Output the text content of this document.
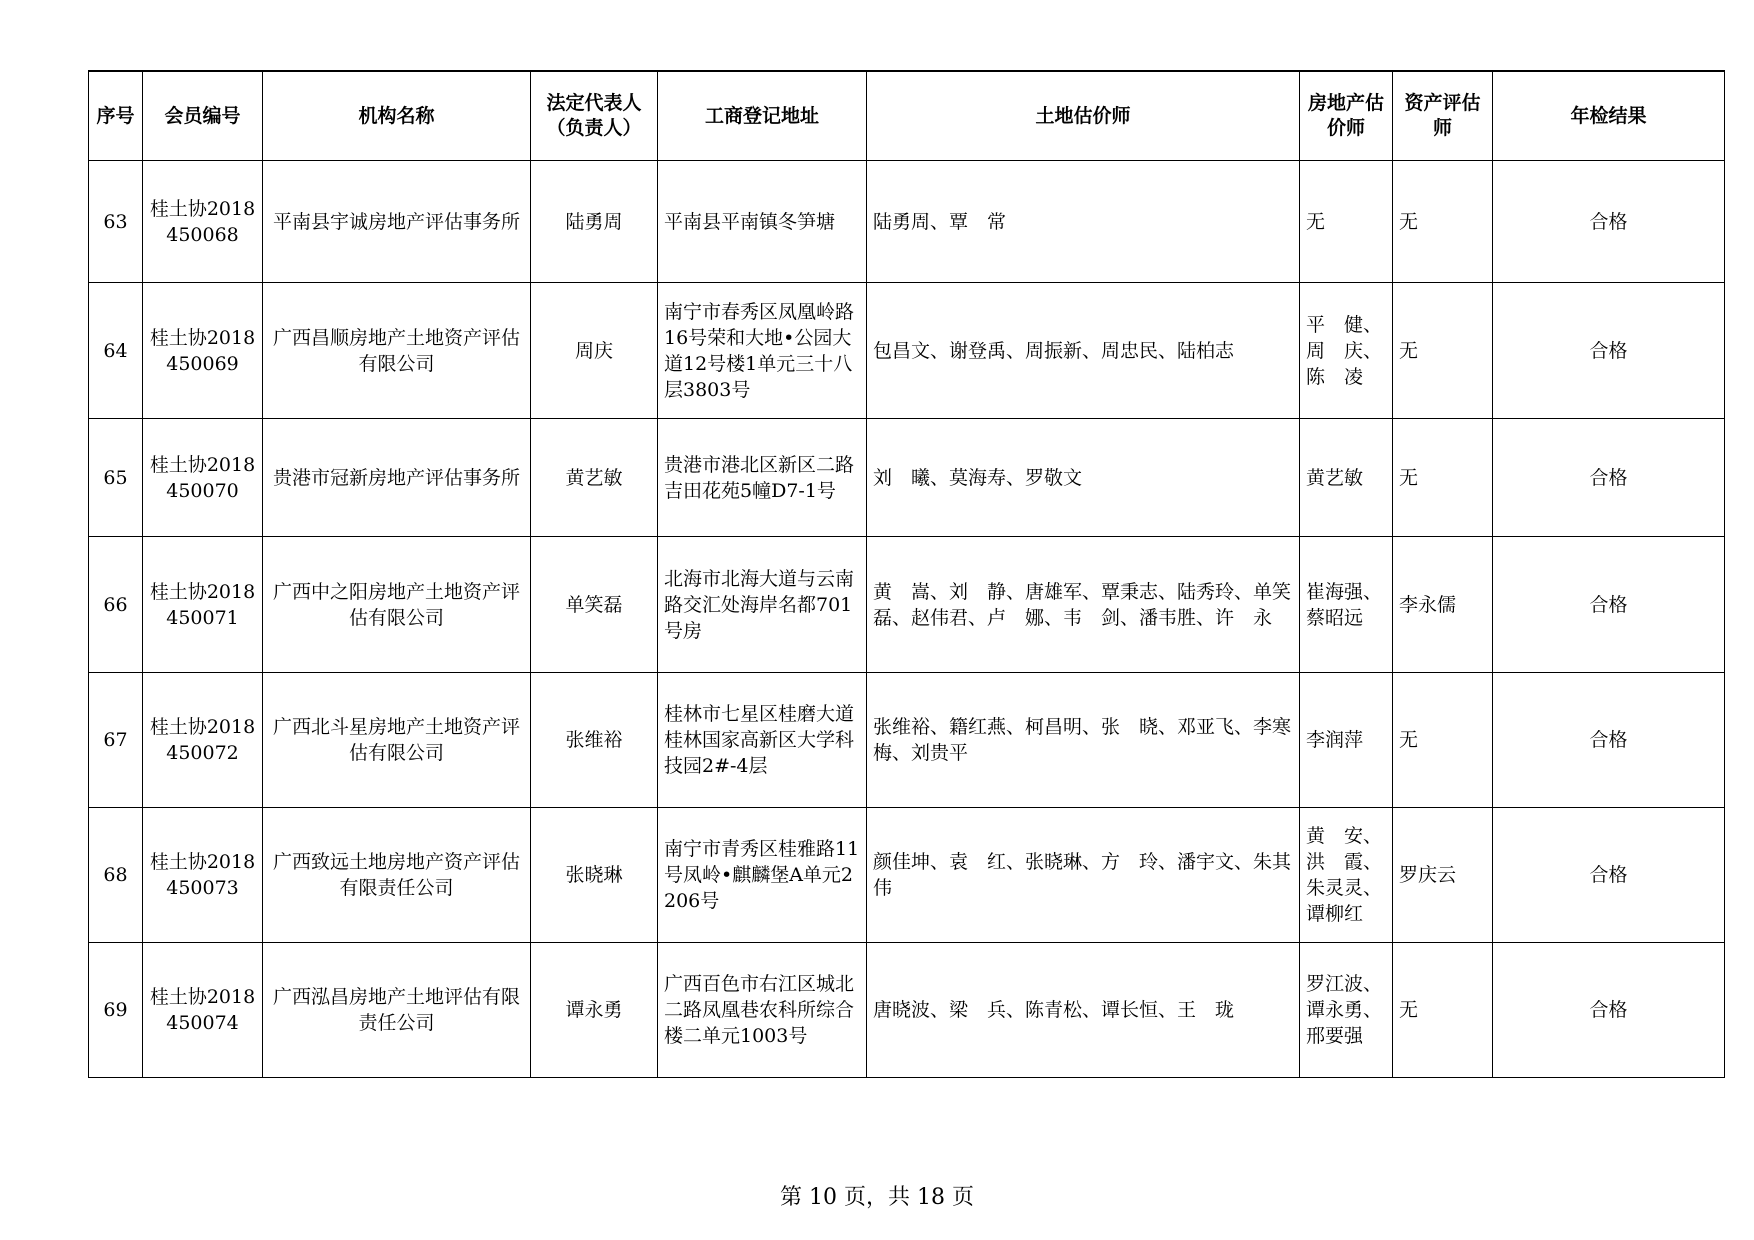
序号	会员编号	机构名称	法定代表人（负责人）	工商登记地址	土地估价师	房地产估价师	资产评估师	年检结果
63	桂土协2018450068	平南县宇诚房地产评估事务所	陆勇周	平南县平南镇冬笋塘	陆勇周、覃　常	无	无	合格
64	桂土协2018450069	广西昌顺房地产土地资产评估有限公司	周庆	南宁市春秀区凤凰岭路16号荣和大地•公园大道12号楼1单元三十八层3803号	包昌文、谢登禹、周振新、周忠民、陆柏志	平　健、周　庆、陈　凌	无	合格
65	桂土协2018450070	贵港市冠新房地产评估事务所	黄艺敏	贵港市港北区新区二路吉田花苑5幢D7-1号	刘　曦、莫海寿、罗敬文	黄艺敏	无	合格
66	桂土协2018450071	广西中之阳房地产土地资产评估有限公司	单笑磊	北海市北海大道与云南路交汇处海岸名都701号房	黄　嵩、刘　静、唐雄军、覃秉志、陆秀玲、单笑磊、赵伟君、卢　娜、韦　剑、潘韦胜、许　永	崔海强、蔡昭远	李永儒	合格
67	桂土协2018450072	广西北斗星房地产土地资产评估有限公司	张维裕	桂林市七星区桂磨大道桂林国家高新区大学科技园2#-4层	张维裕、籍红燕、柯昌明、张　晓、邓亚飞、李寒梅、刘贵平	李润萍	无	合格
68	桂土协2018450073	广西致远土地房地产资产评估有限责任公司	张晓琳	南宁市青秀区桂雅路11号凤岭•麒麟堡A单元2206号	颜佳坤、袁　红、张晓琳、方　玲、潘宇文、朱其伟	黄　安、洪　霞、朱灵灵、谭柳红	罗庆云	合格
69	桂土协2018450074	广西泓昌房地产土地评估有限责任公司	谭永勇	广西百色市右江区城北二路凤凰巷农科所综合楼二单元1003号	唐晓波、梁　兵、陈青松、谭长恒、王　珑	罗江波、谭永勇、邢要强	无	合格
第 10 页，共 18 页
